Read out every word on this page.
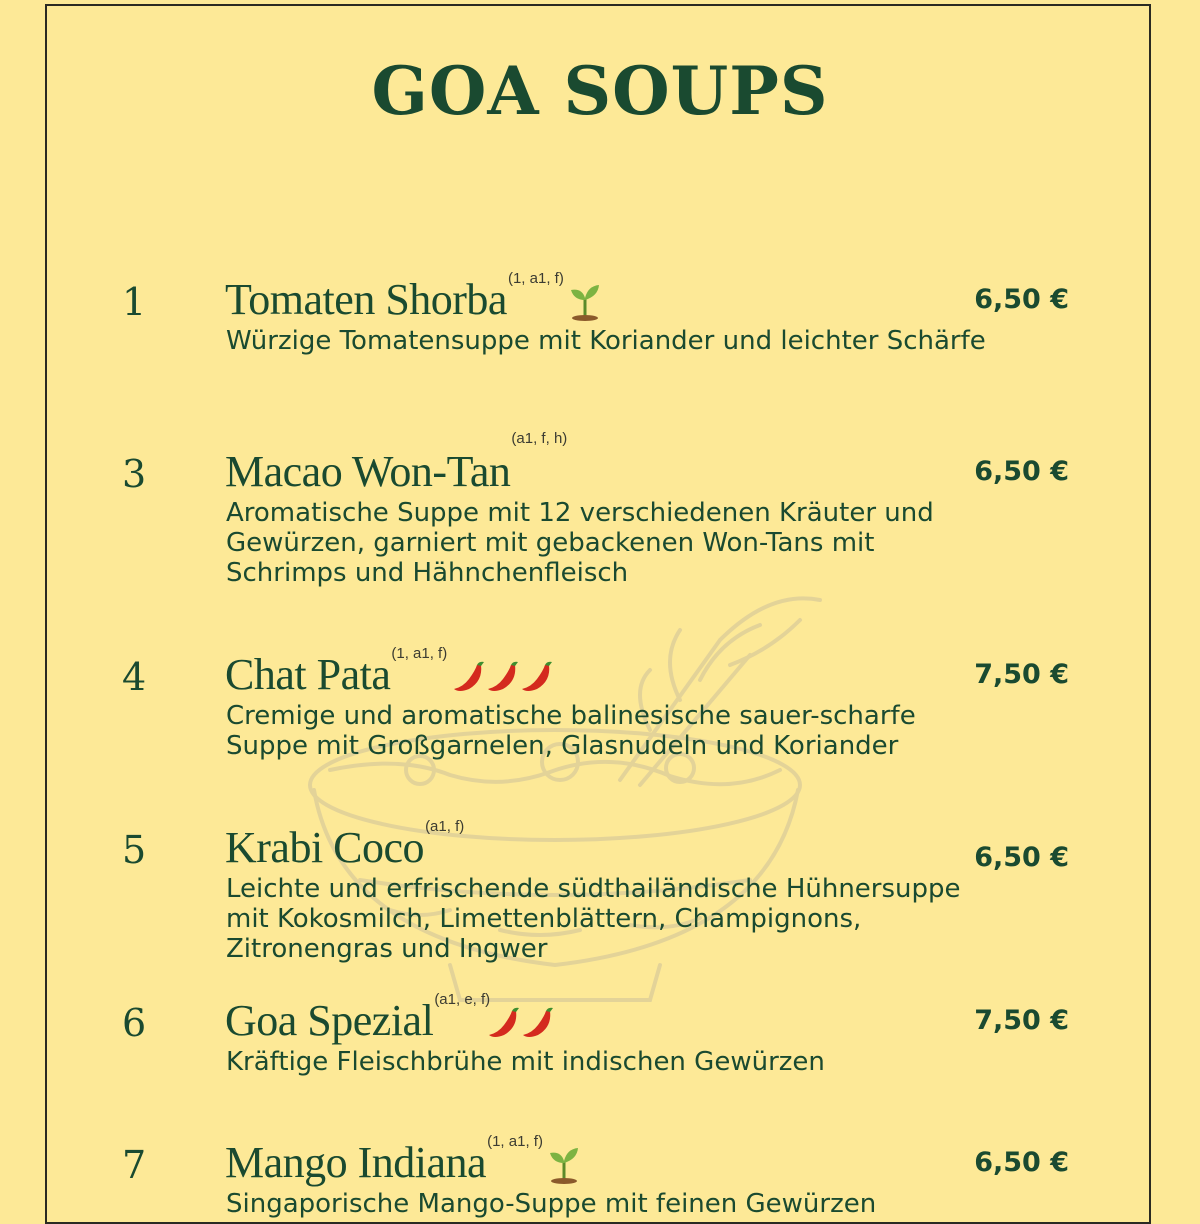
GOA SOUPS
1 Tomaten Shorba (1, a1, f)
6,50 €
Würzige Tomatensuppe mit Koriander und leichter Schärfe
3 Macao Won-Tan
(a1, f, h)
6,50 €
Aromatische Suppe mit 12 verschiedenen Kräuter und Gewürzen, garniert mit gebackenen Won-Tans mit Schrimps und Hähnchenfleisch
4 Chat Pata (1, a1, f)
7,50 €
Cremige und aromatische balinesische sauer-scharfe Suppe mit Großgarnelen, Glasnudeln und Koriander
5 Krabi Coco (a1, f)
6,50 €
Leichte und erfrischende südthailändische Hühnersuppe mit Kokosmilch, Limettenblättern, Champignons, Zitronengras und Ingwer
6 Goa Spezial (a1, e, f)
7,50 €
Kräftige Fleischbrühe mit indischen Gewürzen
7 Mango Indiana (1, a1, f)
6,50 €
Singaporische Mango-Suppe mit feinen Gewürzen
